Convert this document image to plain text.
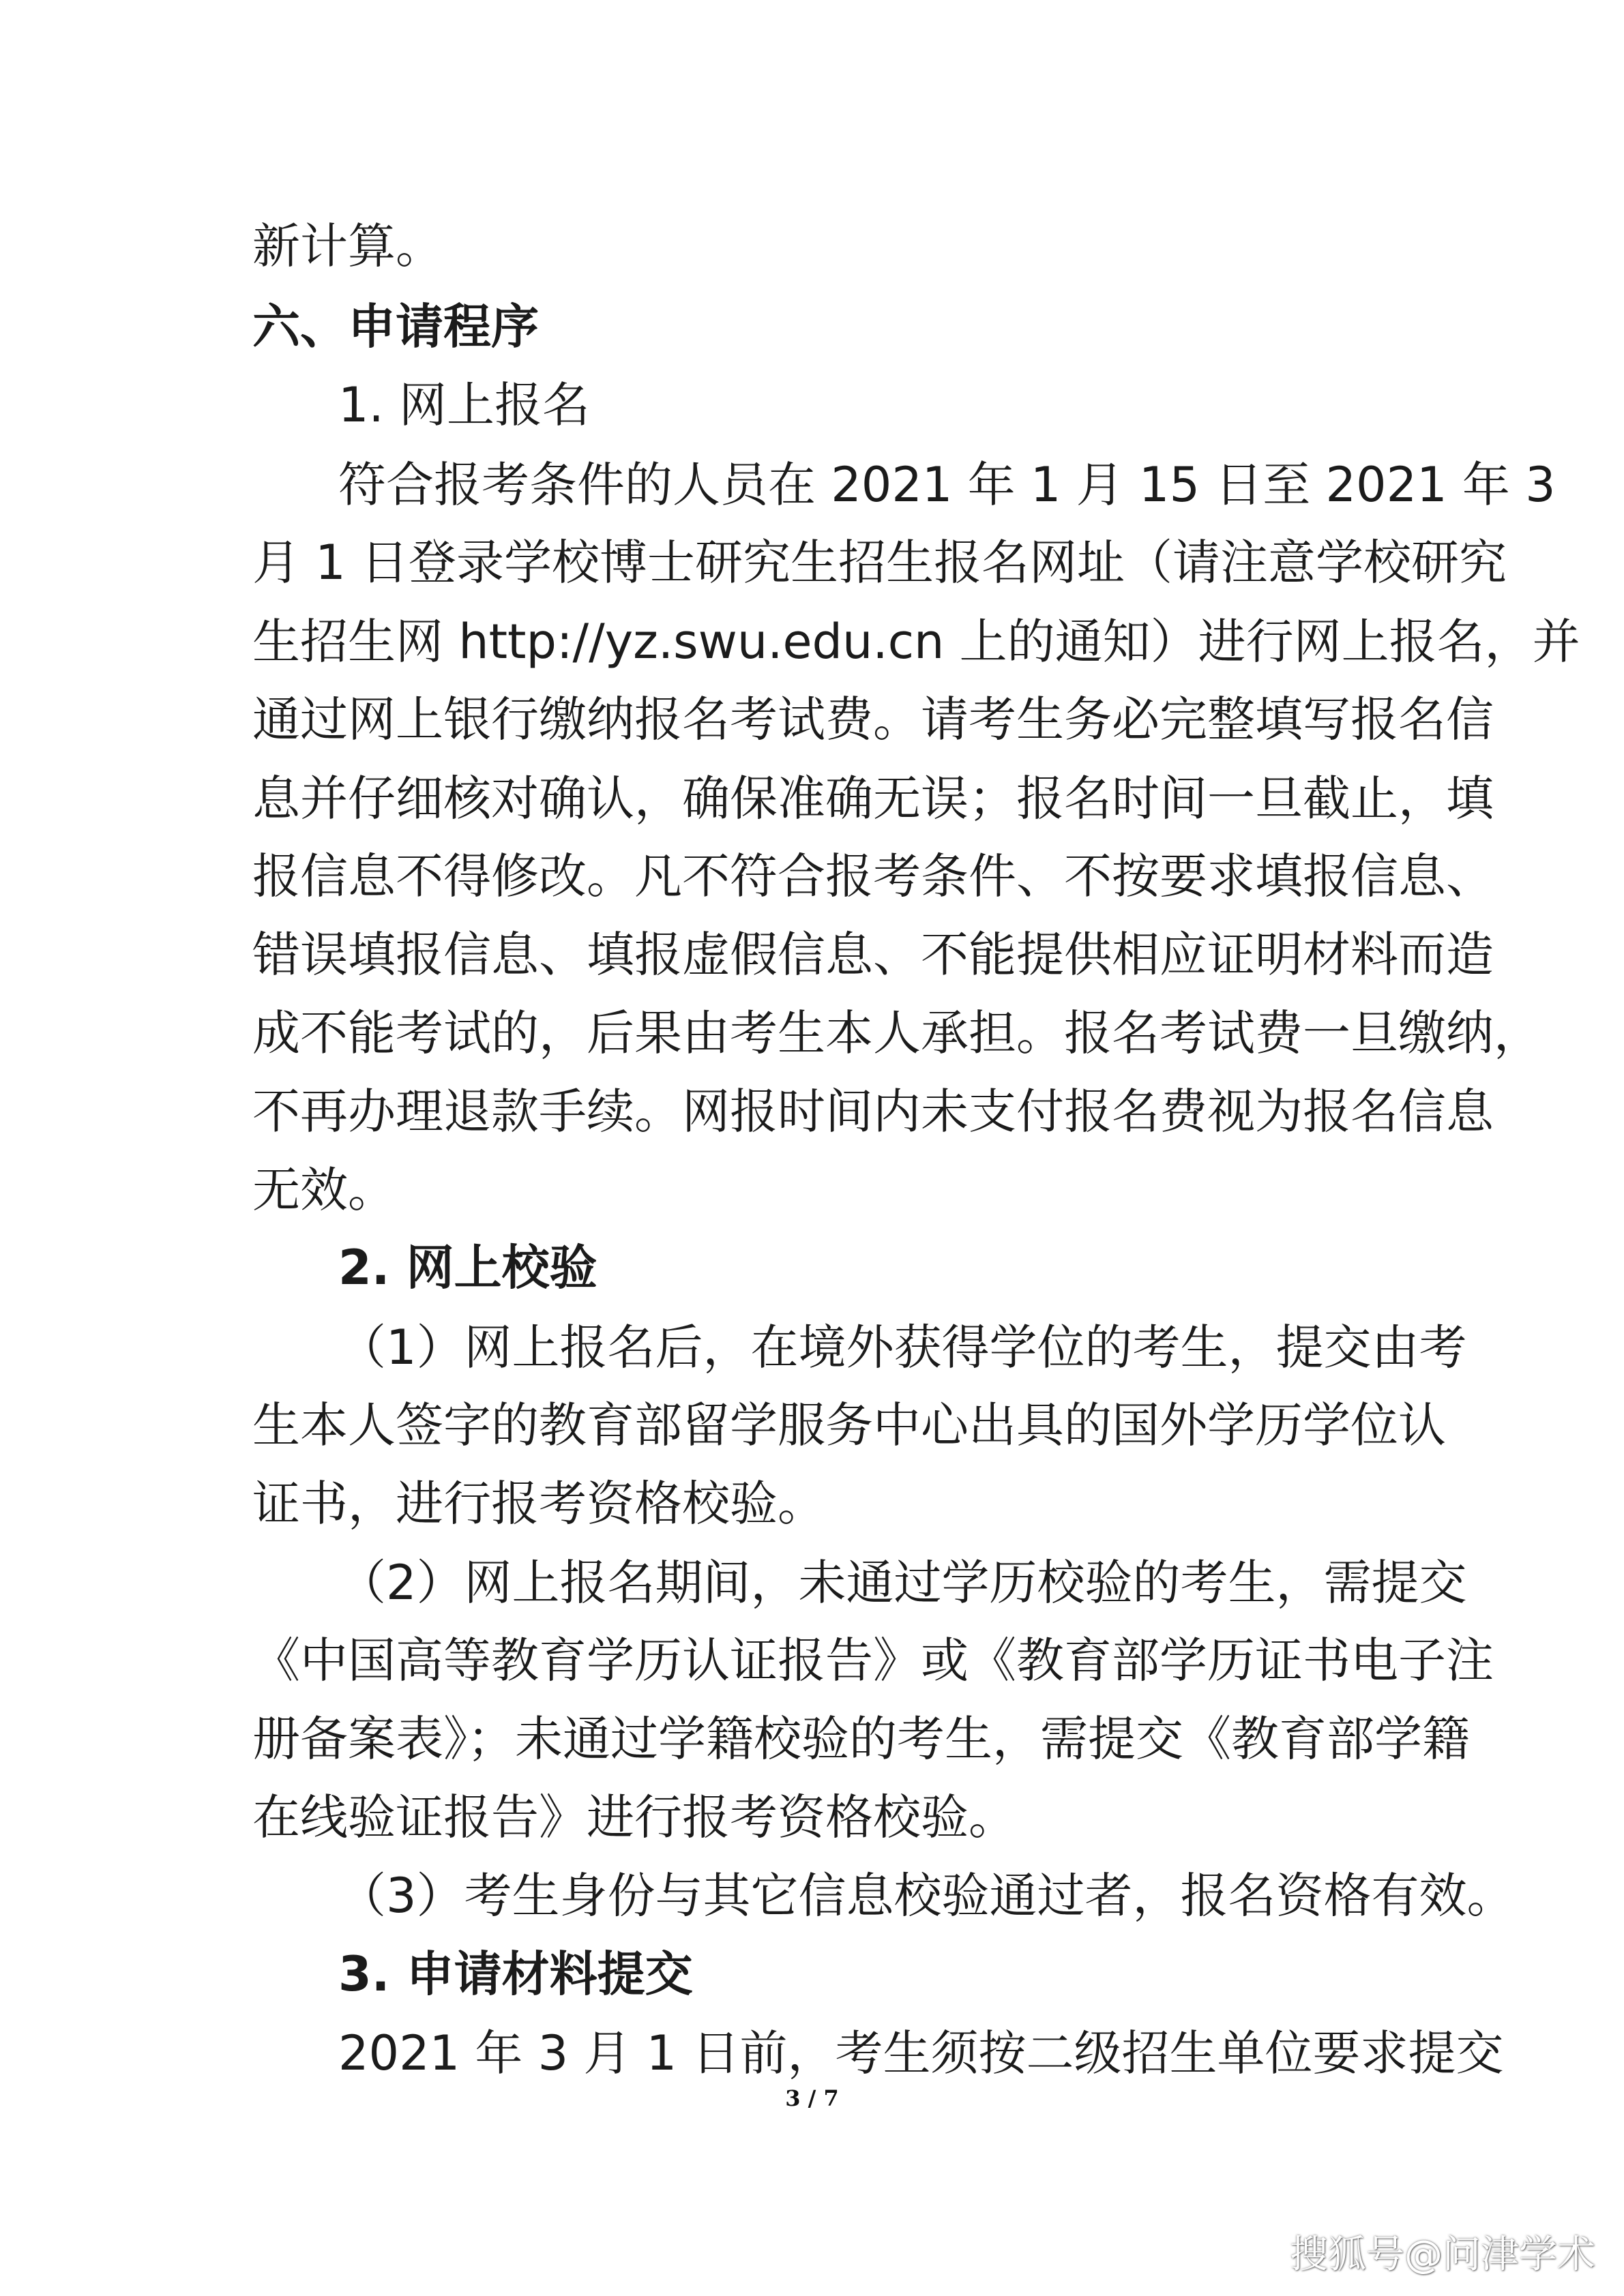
新计算。

六、申请程序

1. 网上报名

符合报考条件的人员在 2021 年 1 月 15 日至 2021 年 3

月 1 日登录学校博士研究生招生报名网址（请注意学校研究

生招生网 http://yz.swu.edu.cn 上的通知）进行网上报名，并

通过网上银行缴纳报名考试费。请考生务必完整填写报名信

息并仔细核对确认，确保准确无误；报名时间一旦截止，填

报信息不得修改。凡不符合报考条件、不按要求填报信息、

错误填报信息、填报虚假信息、不能提供相应证明材料而造

成不能考试的，后果由考生本人承担。报名考试费一旦缴纳，

不再办理退款手续。网报时间内未支付报名费视为报名信息

无效。

2. 网上校验

（1）网上报名后，在境外获得学位的考生，提交由考

生本人签字的教育部留学服务中心出具的国外学历学位认

证书，进行报考资格校验。

（2）网上报名期间，未通过学历校验的考生，需提交

《中国高等教育学历认证报告》或《教育部学历证书电子注

册备案表》；未通过学籍校验的考生，需提交《教育部学籍

在线验证报告》进行报考资格校验。

（3）考生身份与其它信息校验通过者，报名资格有效。

3. 申请材料提交

2021 年 3 月 1 日前，考生须按二级招生单位要求提交

3 / 7
搜狐号@问津学术
